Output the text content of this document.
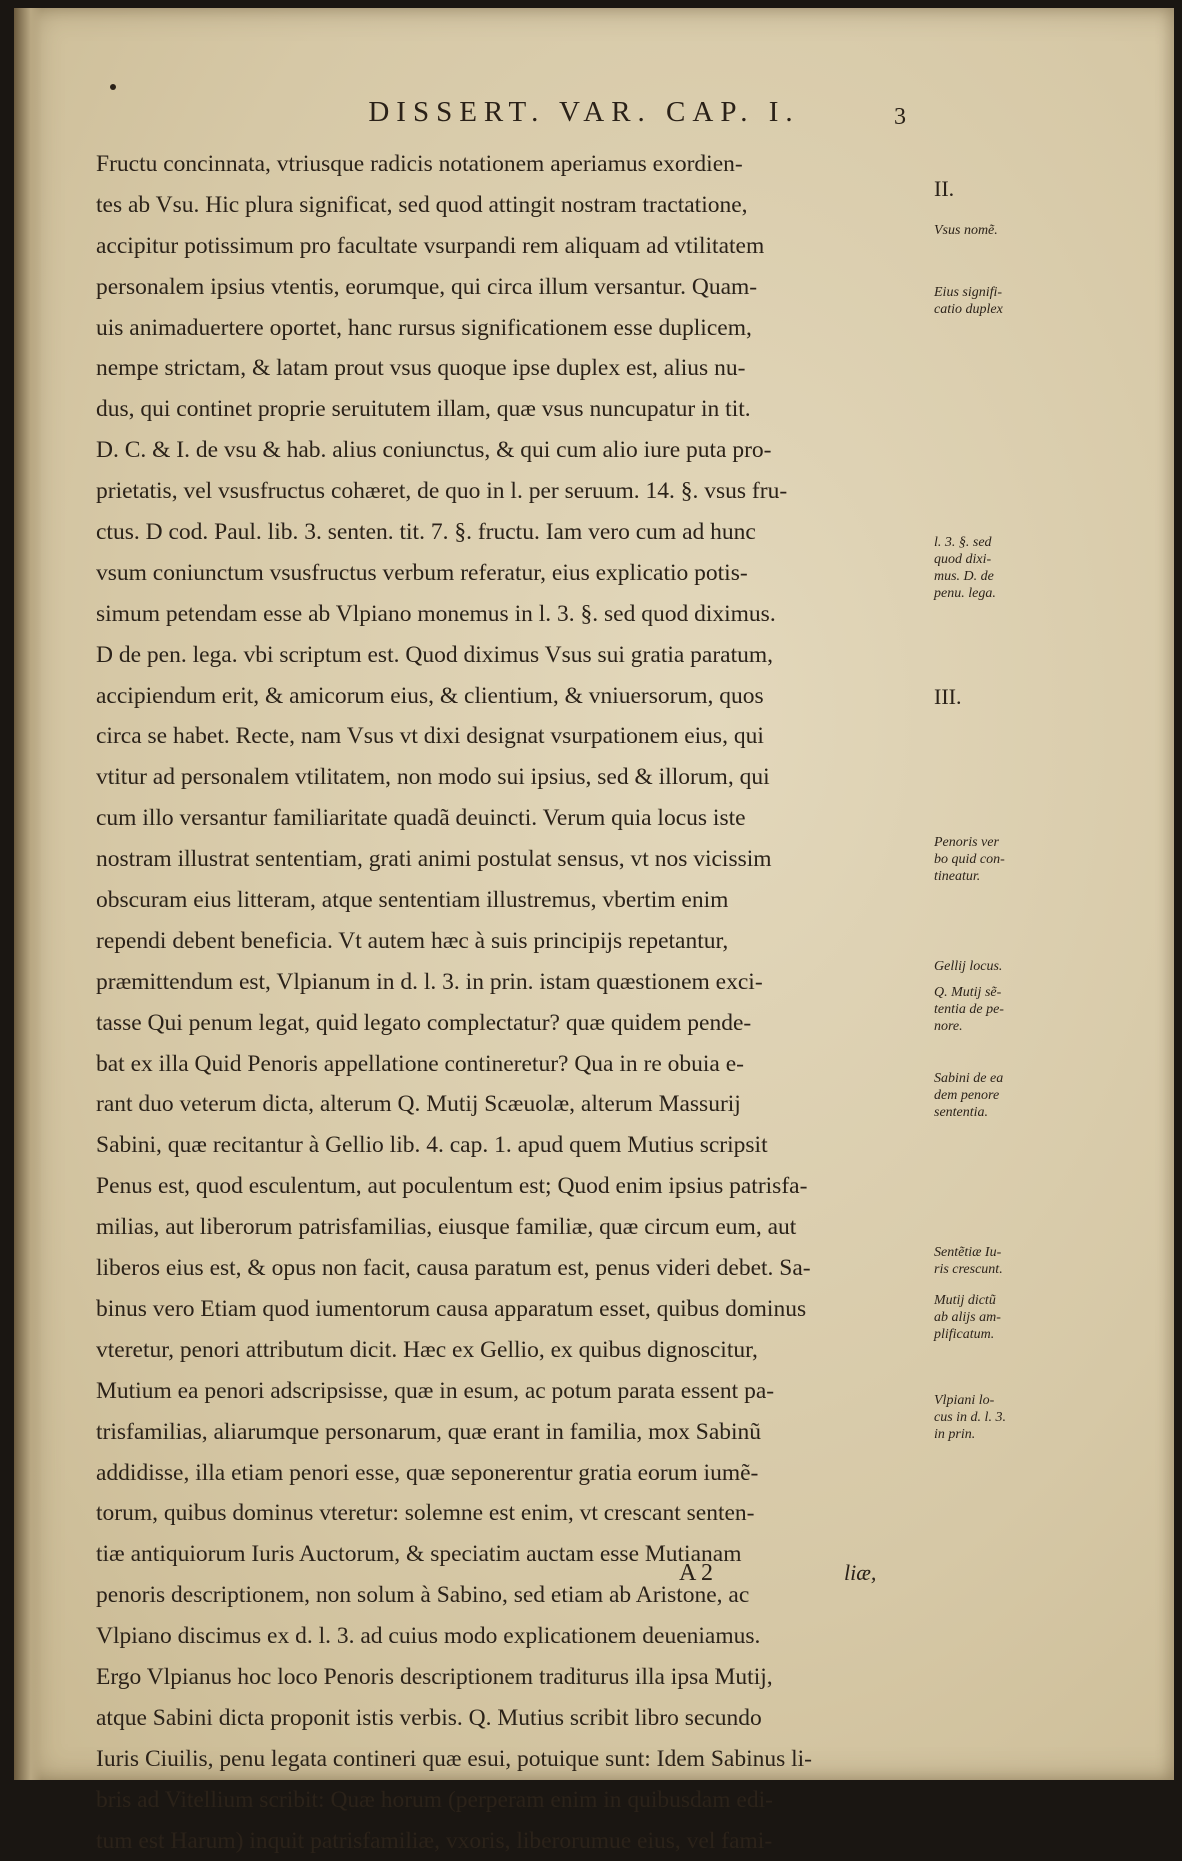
DISSERT. VAR. CAP. I.	3
Fructu concinnata, vtriusque radicis notationem aperiamus exordien-
tes ab Vsu. Hic plura significat, sed quod attingit nostram tractatione,
accipitur potissimum pro facultate vsurpandi rem aliquam ad vtilitatem
personalem ipsius vtentis, eorumque, qui circa illum versantur. Quam-
uis animaduertere oportet, hanc rursus significationem esse duplicem,
nempe strictam, & latam prout vsus quoque ipse duplex est, alius nu-
dus, qui continet proprie seruitutem illam, quæ vsus nuncupatur in tit.
D. C. & I. de vsu & hab. alius coniunctus, & qui cum alio iure puta pro-
prietatis, vel vsusfructus cohæret, de quo in l. per seruum. 14. §. vsus fru-
ctus. D cod. Paul. lib. 3. senten. tit. 7. §. fructu. Iam vero cum ad hunc
vsum coniunctum vsusfructus verbum referatur, eius explicatio potis-
simum petendam esse ab Vlpiano monemus in l. 3. §. sed quod diximus.
D de pen. lega. vbi scriptum est. Quod diximus Vsus sui gratia paratum,
accipiendum erit, & amicorum eius, & clientium, & vniuersorum, quos
circa se habet. Recte, nam Vsus vt dixi designat vsurpationem eius, qui
vtitur ad personalem vtilitatem, non modo sui ipsius, sed & illorum, qui
cum illo versantur familiaritate quadã deuincti. Verum quia locus iste
nostram illustrat sententiam, grati animi postulat sensus, vt nos vicissim
obscuram eius litteram, atque sententiam illustremus, vbertim enim
rependi debent beneficia. Vt autem hæc à suis principijs repetantur,
præmittendum est, Vlpianum in d. l. 3. in prin. istam quæstionem exci-
tasse Qui penum legat, quid legato complectatur? quæ quidem pende-
bat ex illa Quid Penoris appellatione contineretur? Qua in re obuia e-
rant duo veterum dicta, alterum Q. Mutij Scæuolæ, alterum Massurij
Sabini, quæ recitantur à Gellio lib. 4. cap. 1. apud quem Mutius scripsit
Penus est, quod esculentum, aut poculentum est; Quod enim ipsius patrisfa-
milias, aut liberorum patrisfamilias, eiusque familiæ, quæ circum eum, aut
liberos eius est, & opus non facit, causa paratum est, penus videri debet. Sa-
binus vero Etiam quod iumentorum causa apparatum esset, quibus dominus
vteretur, penori attributum dicit. Hæc ex Gellio, ex quibus dignoscitur,
Mutium ea penori adscripsisse, quæ in esum, ac potum parata essent pa-
trisfamilias, aliarumque personarum, quæ erant in familia, mox Sabinũ
addidisse, illa etiam penori esse, quæ seponerentur gratia eorum iumẽ-
torum, quibus dominus vteretur: solemne est enim, vt crescant senten-
tiæ antiquiorum Iuris Auctorum, & speciatim auctam esse Mutianam
penoris descriptionem, non solum à Sabino, sed etiam ab Aristone, ac
Vlpiano discimus ex d. l. 3. ad cuius modo explicationem deueniamus.
Ergo Vlpianus hoc loco Penoris descriptionem traditurus illa ipsa Mutij,
atque Sabini dicta proponit istis verbis. Q. Mutius scribit libro secundo
Iuris Ciuilis, penu legata contineri quæ esui, potuique sunt: Idem Sabinus li-
bris ad Vitellium scribit: Quæ horum (perperam enim in quibusdam edi-
tum est Harum) inquit patrisfamiliæ, vxoris, liberorumue eius, vel fami-
II.
Vsus nomẽ.
Eius signifi-
catio duplex
l. 3. §. sed
quod dixi-
mus. D. de
penu. lega.
III.
Penoris ver
bo quid con-
tineatur.
Gellij locus.
Q. Mutij sẽ-
tentia de pe-
nore.
Sabini de ea
dem penore
sententia.
Sentẽtiæ Iu-
ris crescunt.
Mutij dictũ
ab alijs am-
plificatum.
Vlpiani lo-
cus in d. l. 3.
in prin.
A 2	liæ,
